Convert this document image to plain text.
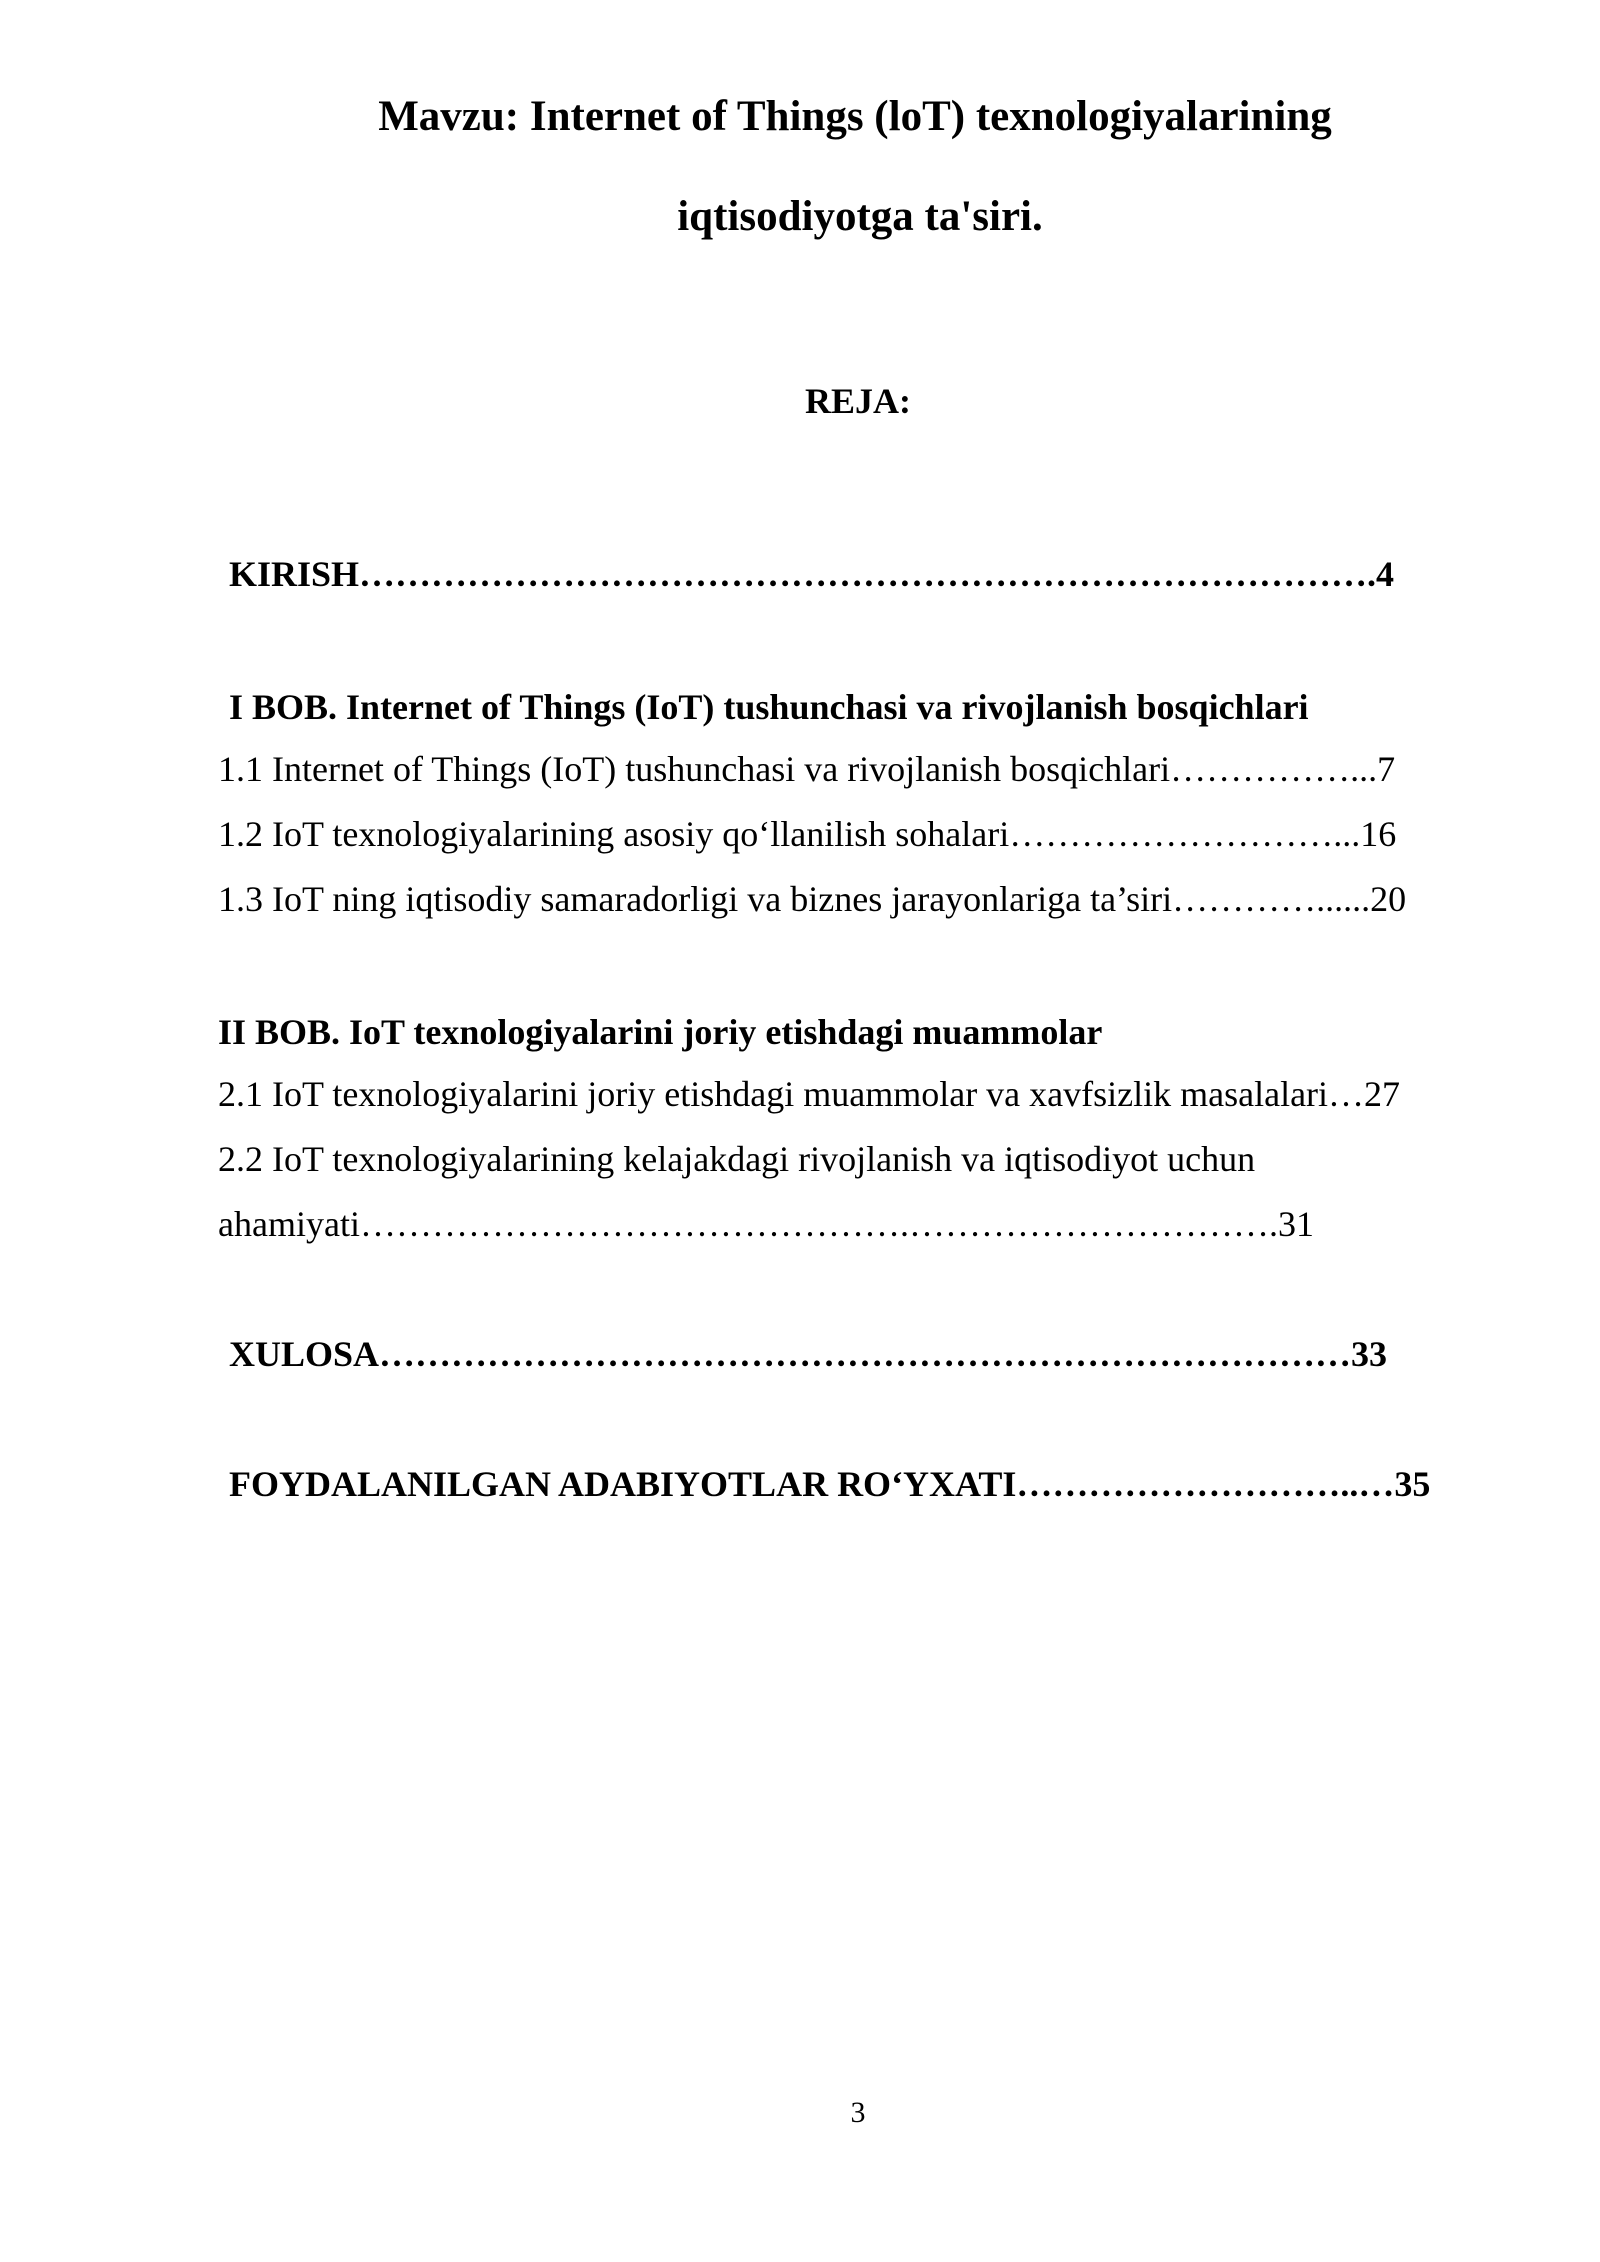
Mavzu: Internet of Things (loT) texnologiyalarining
iqtisodiyotga ta'siri.
REJA:
KIRISH …………………………………………………………………………. 4
I BOB. Internet of Things (IoT) tushunchasi va rivojlanish bosqichlari
1.1 Internet of Things (IoT) tushunchasi va rivojlanish bosqichlari ……………... 7
1.2 IoT texnologiyalarining asosiy qo‘llanilish sohalari ………………………... 16
1.3 IoT ning iqtisodiy samaradorligi va biznes jarayonlariga ta’siri …………...... 20
II BOB. IoT texnologiyalarini joriy etishdagi muammolar
2.1 IoT texnologiyalarini joriy etishdagi muammolar va xavfsizlik masalalari … 27
2.2 IoT texnologiyalarining kelajakdagi rivojlanish va iqtisodiyot uchun
ahamiyati ……………………………………….…………………………. 31
XULOSA ……………………………………………………………………… 33
FOYDALANILGAN ADABIYOTLAR RO‘YXATI ………………………..… 35
3
